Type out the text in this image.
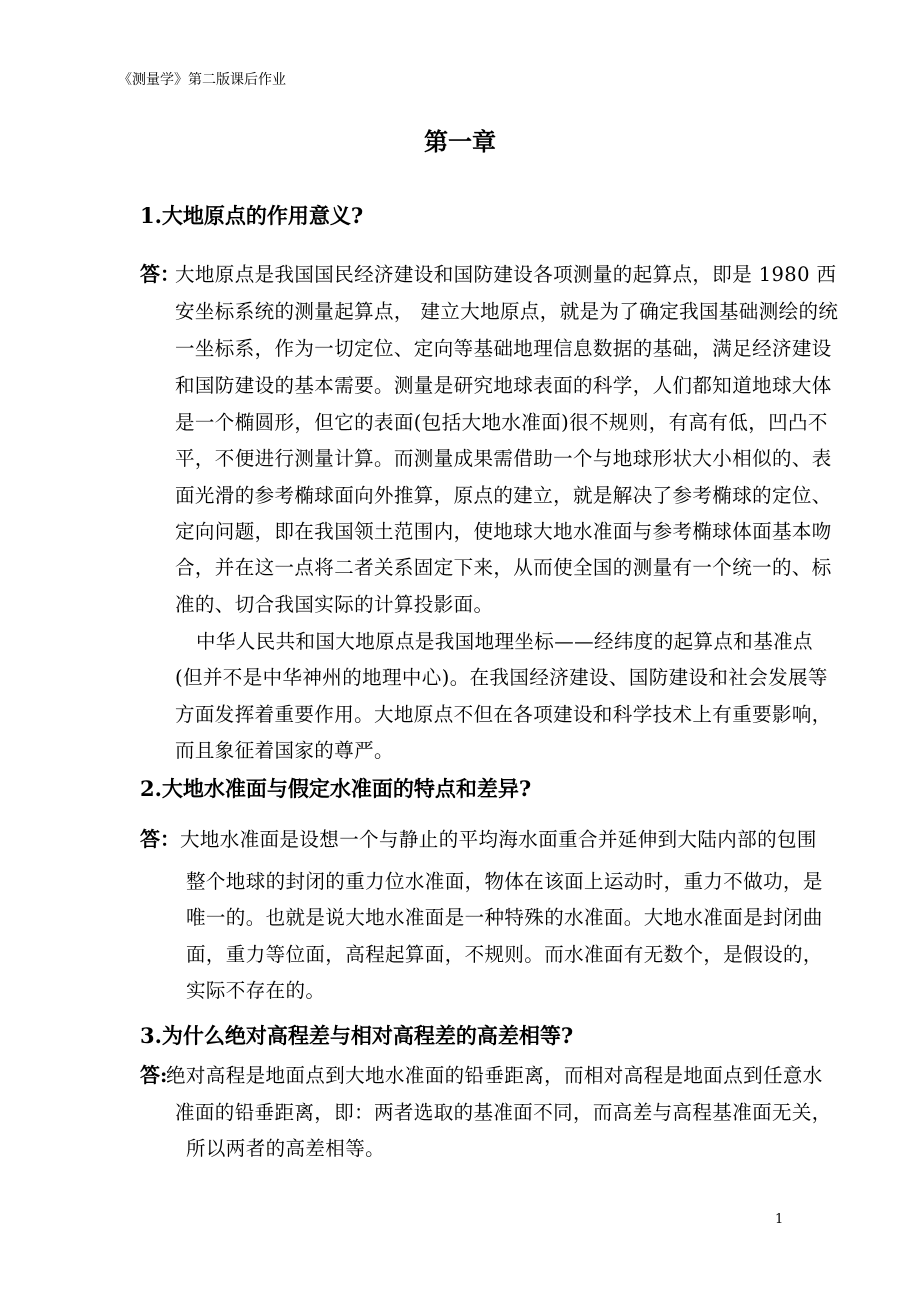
《测量学》第二版课后作业
第一章
1.大地原点的作用意义?
答：
大地原点是我国国民经济建设和国防建设各项测量的起算点，即是 1980 西
安坐标系统的测量起算点， 建立大地原点，就是为了确定我国基础测绘的统
一坐标系，作为一切定位、定向等基础地理信息数据的基础，满足经济建设
和国防建设的基本需要。测量是研究地球表面的科学，人们都知道地球大体
是一个椭圆形，但它的表面(包括大地水准面)很不规则，有高有低，凹凸不
平，不便进行测量计算。而测量成果需借助一个与地球形状大小相似的、表
面光滑的参考椭球面向外推算，原点的建立，就是解决了参考椭球的定位、
定向问题，即在我国领土范围内，使地球大地水准面与参考椭球体面基本吻
合，并在这一点将二者关系固定下来，从而使全国的测量有一个统一的、标
准的、切合我国实际的计算投影面。
中华人民共和国大地原点是我国地理坐标——经纬度的起算点和基准点
(但并不是中华神州的地理中心)。在我国经济建设、国防建设和社会发展等
方面发挥着重要作用。大地原点不但在各项建设和科学技术上有重要影响，
而且象征着国家的尊严。
2.大地水准面与假定水准面的特点和差异?
答： 大地水准面是设想一个与静止的平均海水面重合并延伸到大陆内部的包围
整个地球的封闭的重力位水准面，物体在该面上运动时，重力不做功，是
唯一的。也就是说大地水准面是一种特殊的水准面。大地水准面是封闭曲
面，重力等位面，高程起算面，不规则。而水准面有无数个，是假设的，
实际不存在的。
3.为什么绝对高程差与相对高程差的高差相等?
答:
绝对高程是地面点到大地水准面的铅垂距离，而相对高程是地面点到任意水
准面的铅垂距离，即：两者选取的基准面不同，而高差与高程基准面无关，
所以两者的高差相等。
1
